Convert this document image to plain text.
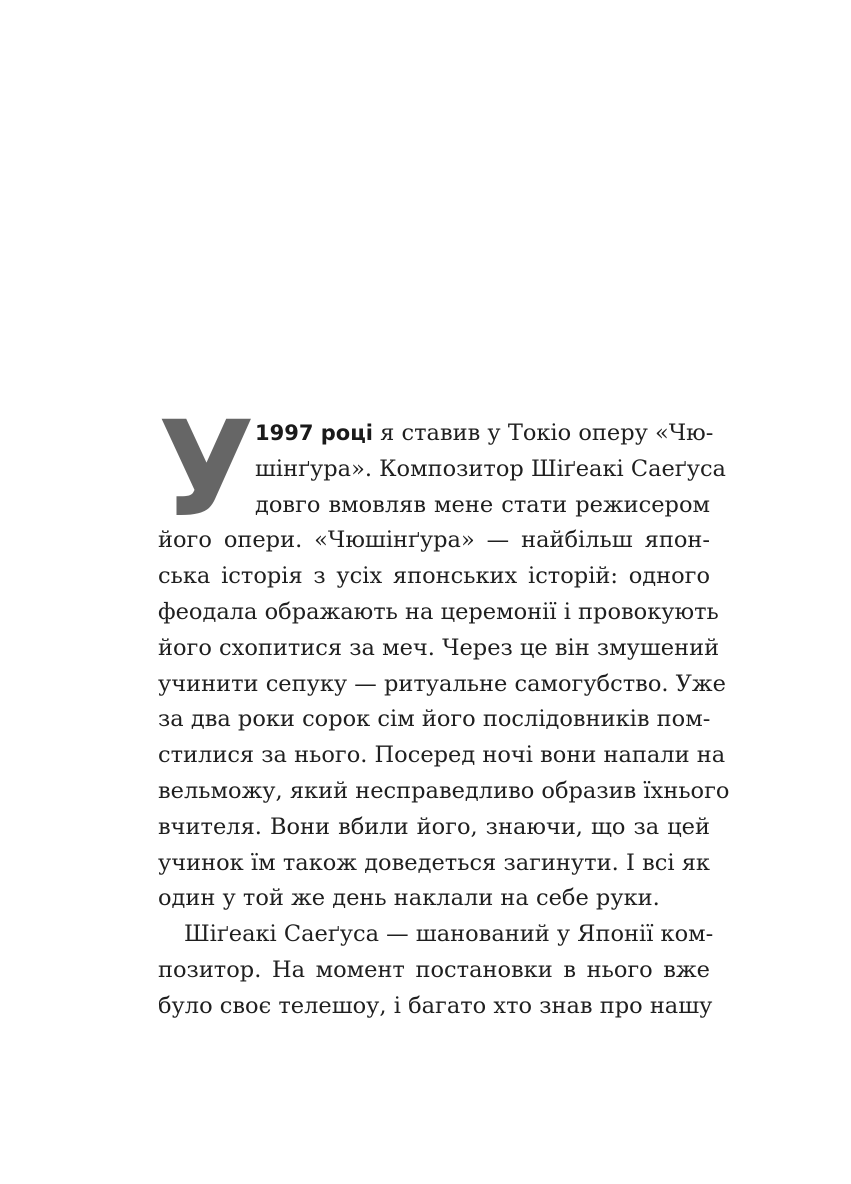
У 1997 році я ставив у Токіо оперу «Чю-
шінґура». Композитор Шіґеакі Саеґуса
довго вмовляв мене стати режисером
його опери. «Чюшінґура» — найбільш япон-
ська історія з усіх японських історій: одного
феодала ображають на церемонії і провокують
його схопитися за меч. Через це він змушений
учинити сепуку — ритуальне самогубство. Уже
за два роки сорок сім його послідовників пом-
стилися за нього. Посеред ночі вони напали на
вельможу, який несправедливо образив їхнього
вчителя. Вони вбили його, знаючи, що за цей
учинок їм також доведеться загинути. І всі як
один у той же день наклали на себе руки.
Шіґеакі Саеґуса — шанований у Японії ком-
позитор. На момент постановки в нього вже
було своє телешоу, і багато хто знав про нашу
